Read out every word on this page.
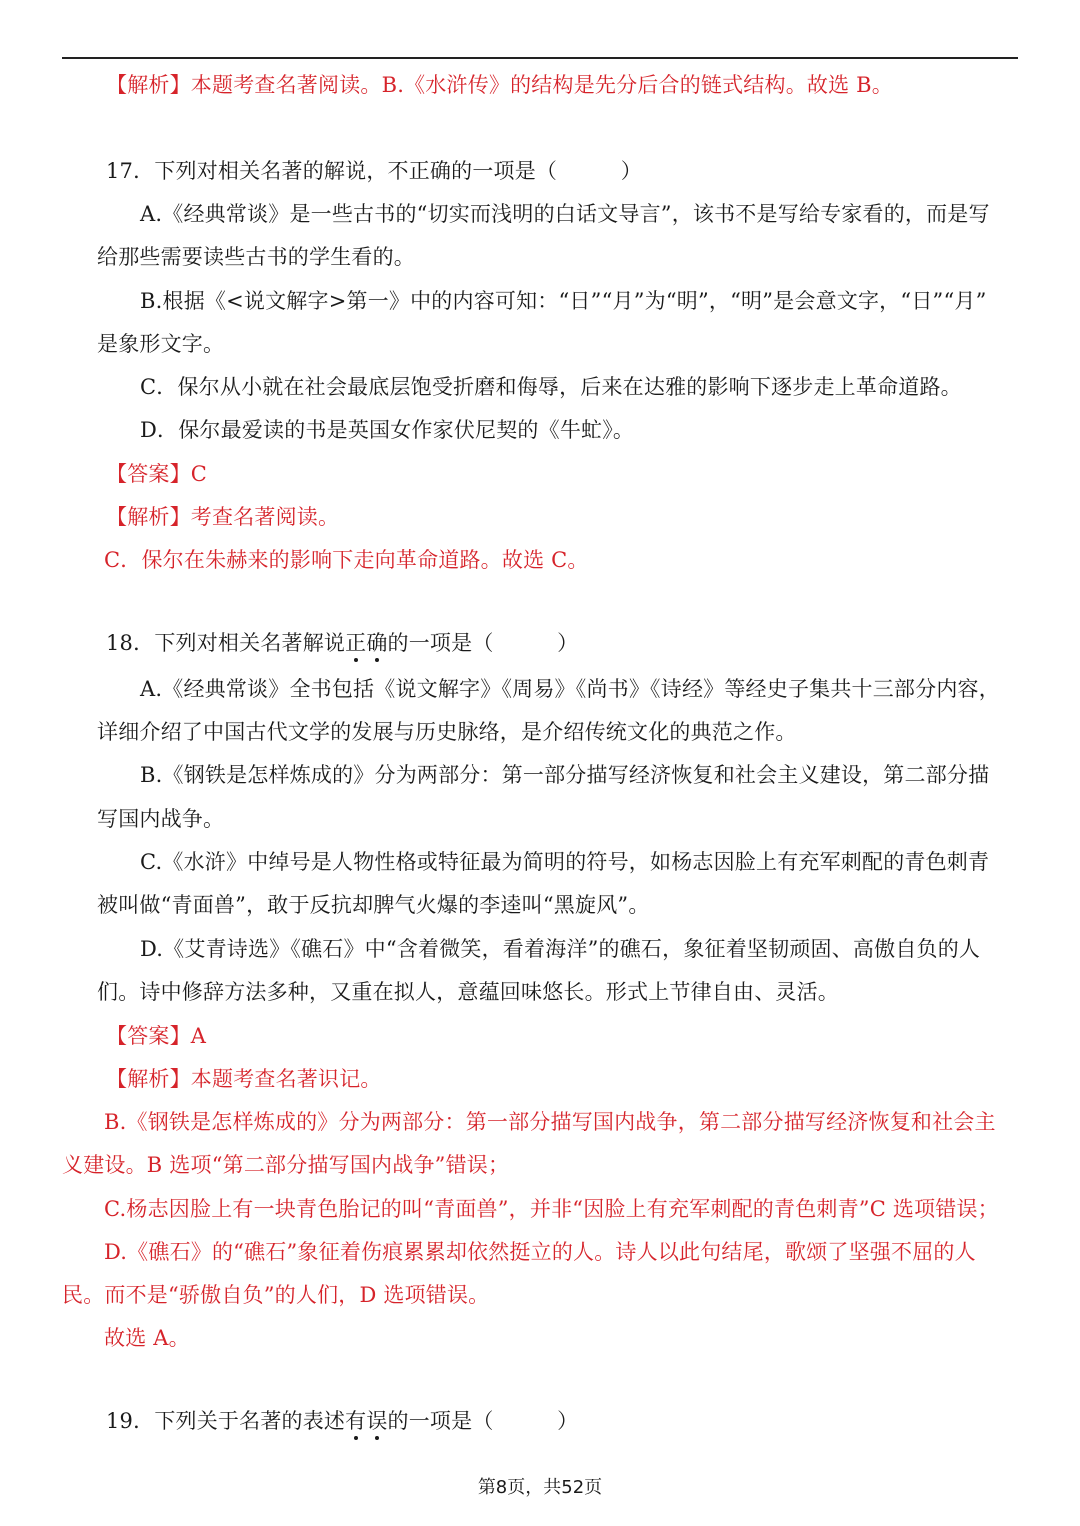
【解析】本题考查名著阅读。B.《水浒传》的结构是先分后合的链式结构。故选 B。
17．下列对相关名著的解说，不正确的一项是（　　　）
A.《经典常谈》是一些古书的“切实而浅明的白话文导言”，该书不是写给专家看的，而是写
给那些需要读些古书的学生看的。
B.根据《<说文解字>第一》中的内容可知：“日”“月”为“明”，“明”是会意文字，“日”“月”
是象形文字。
C．保尔从小就在社会最底层饱受折磨和侮辱，后来在达雅的影响下逐步走上革命道路。
D．保尔最爱读的书是英国女作家伏尼契的《牛虻》。
【答案】C
【解析】考查名著阅读。
C．保尔在朱赫来的影响下走向革命道路。故选 C。
18．下列对相关名著解说正确的一项是（　　　）
A.《经典常谈》全书包括《说文解字》《周易》《尚书》《诗经》等经史子集共十三部分内容，
详细介绍了中国古代文学的发展与历史脉络，是介绍传统文化的典范之作。
B.《钢铁是怎样炼成的》分为两部分：第一部分描写经济恢复和社会主义建设，第二部分描
写国内战争。
C.《水浒》中绰号是人物性格或特征最为简明的符号，如杨志因脸上有充军刺配的青色刺青
被叫做“青面兽”，敢于反抗却脾气火爆的李逵叫“黑旋风”。
D.《艾青诗选》《礁石》中“含着微笑，看着海洋”的礁石，象征着坚韧顽固、高傲自负的人
们。诗中修辞方法多种，又重在拟人，意蕴回味悠长。形式上节律自由、灵活。
【答案】A
【解析】本题考查名著识记。
B.《钢铁是怎样炼成的》分为两部分：第一部分描写国内战争，第二部分描写经济恢复和社会主
义建设。B 选项“第二部分描写国内战争”错误；
C.杨志因脸上有一块青色胎记的叫“青面兽”，并非“因脸上有充军刺配的青色刺青”C 选项错误；
D.《礁石》的“礁石”象征着伤痕累累却依然挺立的人。诗人以此句结尾，歌颂了坚强不屈的人
民。而不是“骄傲自负”的人们，D 选项错误。
故选 A。
19．下列关于名著的表述有误的一项是（　　　）
第8页，共52页
